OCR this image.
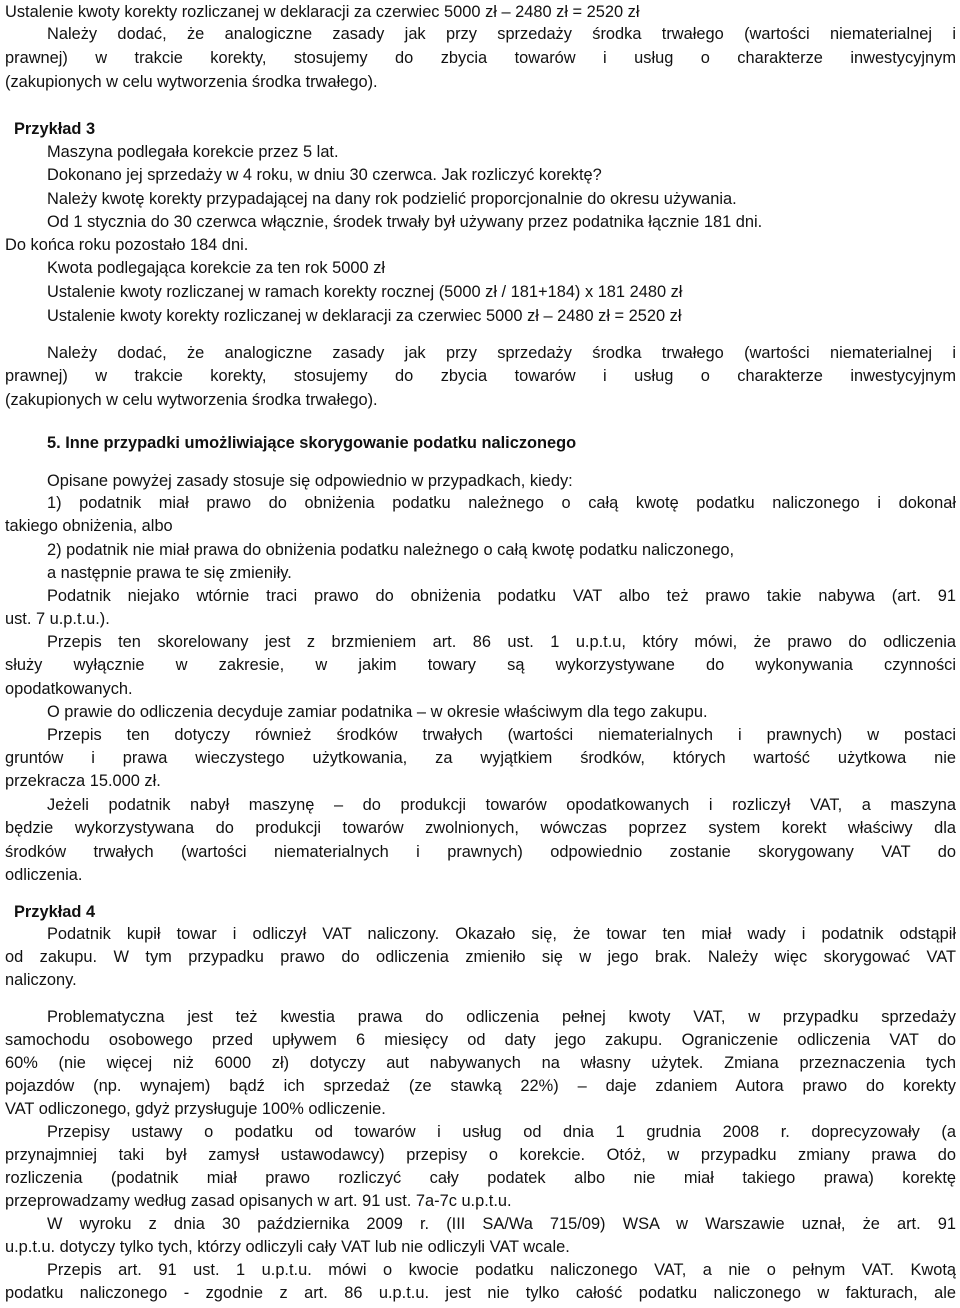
Ustalenie kwoty korekty rozliczanej w deklaracji za czerwiec 5000 zł – 2480 zł = 2520 zł
Należy dodać, że analogiczne zasady jak przy sprzedaży środka trwałego (wartości niematerialnej i
prawnej) w trakcie korekty, stosujemy do zbycia towarów i usług o charakterze inwestycyjnym
(zakupionych w celu wytworzenia środka trwałego).
Przykład 3
Maszyna podlegała korekcie przez 5 lat.
Dokonano jej sprzedaży w 4 roku, w dniu 30 czerwca. Jak rozliczyć korektę?
Należy kwotę korekty przypadającej na dany rok podzielić proporcjonalnie do okresu używania.
Od 1 stycznia do 30 czerwca włącznie, środek trwały był używany przez podatnika łącznie 181 dni.
Do końca roku pozostało 184 dni.
Kwota podlegająca korekcie za ten rok 5000 zł
Ustalenie kwoty rozliczanej w ramach korekty rocznej (5000 zł / 181+184) x 181 2480 zł
Ustalenie kwoty korekty rozliczanej w deklaracji za czerwiec 5000 zł – 2480 zł = 2520 zł
Należy dodać, że analogiczne zasady jak przy sprzedaży środka trwałego (wartości niematerialnej i
prawnej) w trakcie korekty, stosujemy do zbycia towarów i usług o charakterze inwestycyjnym
(zakupionych w celu wytworzenia środka trwałego).
5. Inne przypadki umożliwiające skorygowanie podatku naliczonego
Opisane powyżej zasady stosuje się odpowiednio w przypadkach, kiedy:
1) podatnik miał prawo do obniżenia podatku należnego o całą kwotę podatku naliczonego i dokonał
takiego obniżenia, albo
2) podatnik nie miał prawa do obniżenia podatku należnego o całą kwotę podatku naliczonego,
a następnie prawa te się zmieniły.
Podatnik niejako wtórnie traci prawo do obniżenia podatku VAT albo też prawo takie nabywa (art. 91
ust. 7 u.p.t.u.).
Przepis ten skorelowany jest z brzmieniem art. 86 ust. 1 u.p.t.u, który mówi, że prawo do odliczenia
służy wyłącznie w zakresie, w jakim towary są wykorzystywane do wykonywania czynności
opodatkowanych.
O prawie do odliczenia decyduje zamiar podatnika – w okresie właściwym dla tego zakupu.
Przepis ten dotyczy również środków trwałych (wartości niematerialnych i prawnych) w postaci
gruntów i prawa wieczystego użytkowania, za wyjątkiem środków, których wartość użytkowa nie
przekracza 15.000 zł.
Jeżeli podatnik nabył maszynę – do produkcji towarów opodatkowanych i rozliczył VAT, a maszyna
będzie wykorzystywana do produkcji towarów zwolnionych, wówczas poprzez system korekt właściwy dla
środków trwałych (wartości niematerialnych i prawnych) odpowiednio zostanie skorygowany VAT do
odliczenia.
Przykład 4
Podatnik kupił towar i odliczył VAT naliczony. Okazało się, że towar ten miał wady i podatnik odstąpił
od zakupu. W tym przypadku prawo do odliczenia zmieniło się w jego brak. Należy więc skorygować VAT
naliczony.
Problematyczna jest też kwestia prawa do odliczenia pełnej kwoty VAT, w przypadku sprzedaży
samochodu osobowego przed upływem 6 miesięcy od daty jego zakupu. Ograniczenie odliczenia VAT do
60% (nie więcej niż 6000 zł) dotyczy aut nabywanych na własny użytek. Zmiana przeznaczenia tych
pojazdów (np. wynajem) bądź ich sprzedaż (ze stawką 22%) – daje zdaniem Autora prawo do korekty
VAT odliczonego, gdyż przysługuje 100% odliczenie.
Przepisy ustawy o podatku od towarów i usług od dnia 1 grudnia 2008 r. doprecyzowały (a
przynajmniej taki był zamysł ustawodawcy) przepisy o korekcie. Otóż, w przypadku zmiany prawa do
rozliczenia (podatnik miał prawo rozliczyć cały podatek albo nie miał takiego prawa) korektę
przeprowadzamy według zasad opisanych w art. 91 ust. 7a-7c u.p.t.u.
W wyroku z dnia 30 października 2009 r. (III SA/Wa 715/09) WSA w Warszawie uznał, że art. 91
u.p.t.u. dotyczy tylko tych, którzy odliczyli cały VAT lub nie odliczyli VAT wcale.
Przepis art. 91 ust. 1 u.p.t.u. mówi o kwocie podatku naliczonego VAT, a nie o pełnym VAT. Kwotą
podatku naliczonego - zgodnie z art. 86 u.p.t.u. jest nie tylko całość podatku naliczonego w fakturach, ale
